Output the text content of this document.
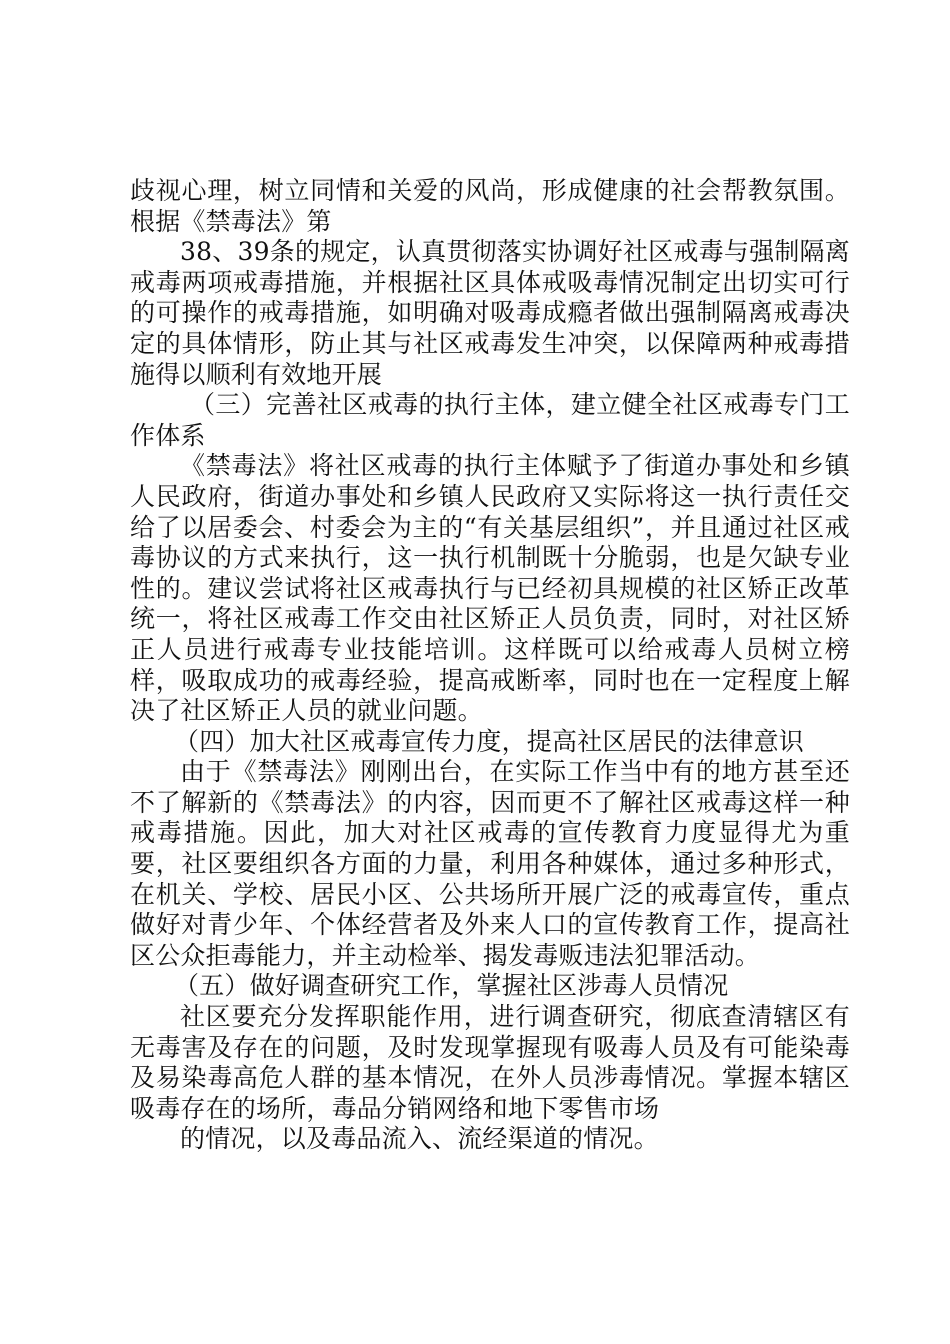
歧视心理，树立同情和关爱的风尚，形成健康的社会帮教氛围。根据《禁毒法》第

38、39条的规定，认真贯彻落实协调好社区戒毒与强制隔离戒毒两项戒毒措施，并根据社区具体戒吸毒情况制定出切实可行的可操作的戒毒措施，如明确对吸毒成瘾者做出强制隔离戒毒决定的具体情形，防止其与社区戒毒发生冲突，以保障两种戒毒措施得以顺利有效地开展

（三）完善社区戒毒的执行主体，建立健全社区戒毒专门工作体系

《禁毒法》将社区戒毒的执行主体赋予了街道办事处和乡镇人民政府，街道办事处和乡镇人民政府又实际将这一执行责任交给了以居委会、村委会为主的“有关基层组织”，并且通过社区戒毒协议的方式来执行，这一执行机制既十分脆弱，也是欠缺专业性的。建议尝试将社区戒毒执行与已经初具规模的社区矫正改革统一，将社区戒毒工作交由社区矫正人员负责，同时，对社区矫正人员进行戒毒专业技能培训。这样既可以给戒毒人员树立榜样，吸取成功的戒毒经验，提高戒断率，同时也在一定程度上解决了社区矫正人员的就业问题。

（四）加大社区戒毒宣传力度，提高社区居民的法律意识

由于《禁毒法》刚刚出台，在实际工作当中有的地方甚至还不了解新的《禁毒法》的内容，因而更不了解社区戒毒这样一种戒毒措施。因此，加大对社区戒毒的宣传教育力度显得尤为重要，社区要组织各方面的力量，利用各种媒体，通过多种形式，在机关、学校、居民小区、公共场所开展广泛的戒毒宣传，重点做好对青少年、个体经营者及外来人口的宣传教育工作，提高社区公众拒毒能力，并主动检举、揭发毒贩违法犯罪活动。

（五）做好调查研究工作，掌握社区涉毒人员情况

社区要充分发挥职能作用，进行调查研究，彻底查清辖区有无毒害及存在的问题，及时发现掌握现有吸毒人员及有可能染毒及易染毒高危人群的基本情况，在外人员涉毒情况。掌握本辖区吸毒存在的场所，毒品分销网络和地下零售市场

的情况，以及毒品流入、流经渠道的情况。
